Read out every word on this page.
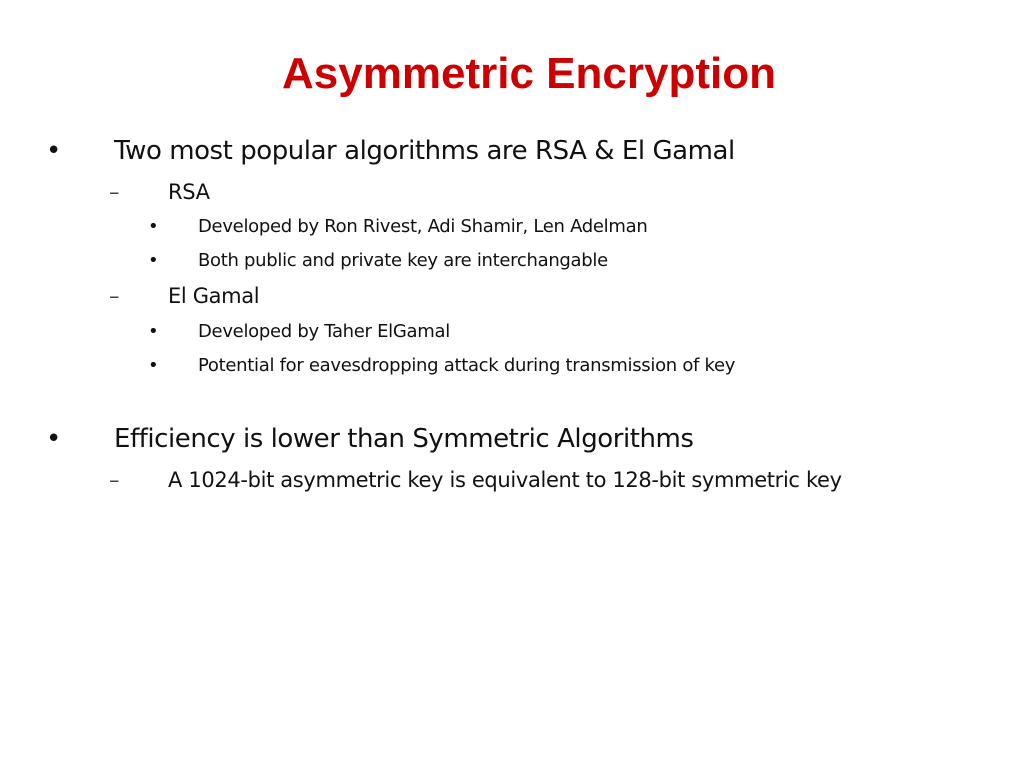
Asymmetric Encryption
• Two most popular algorithms are RSA & El Gamal
– RSA
• Developed by Ron Rivest, Adi Shamir, Len Adelman
• Both public and private key are interchangable
– El Gamal
• Developed by Taher ElGamal
• Potential for eavesdropping attack during transmission of key
• Efficiency is lower than Symmetric Algorithms
– A 1024-bit asymmetric key is equivalent to 128-bit symmetric key
